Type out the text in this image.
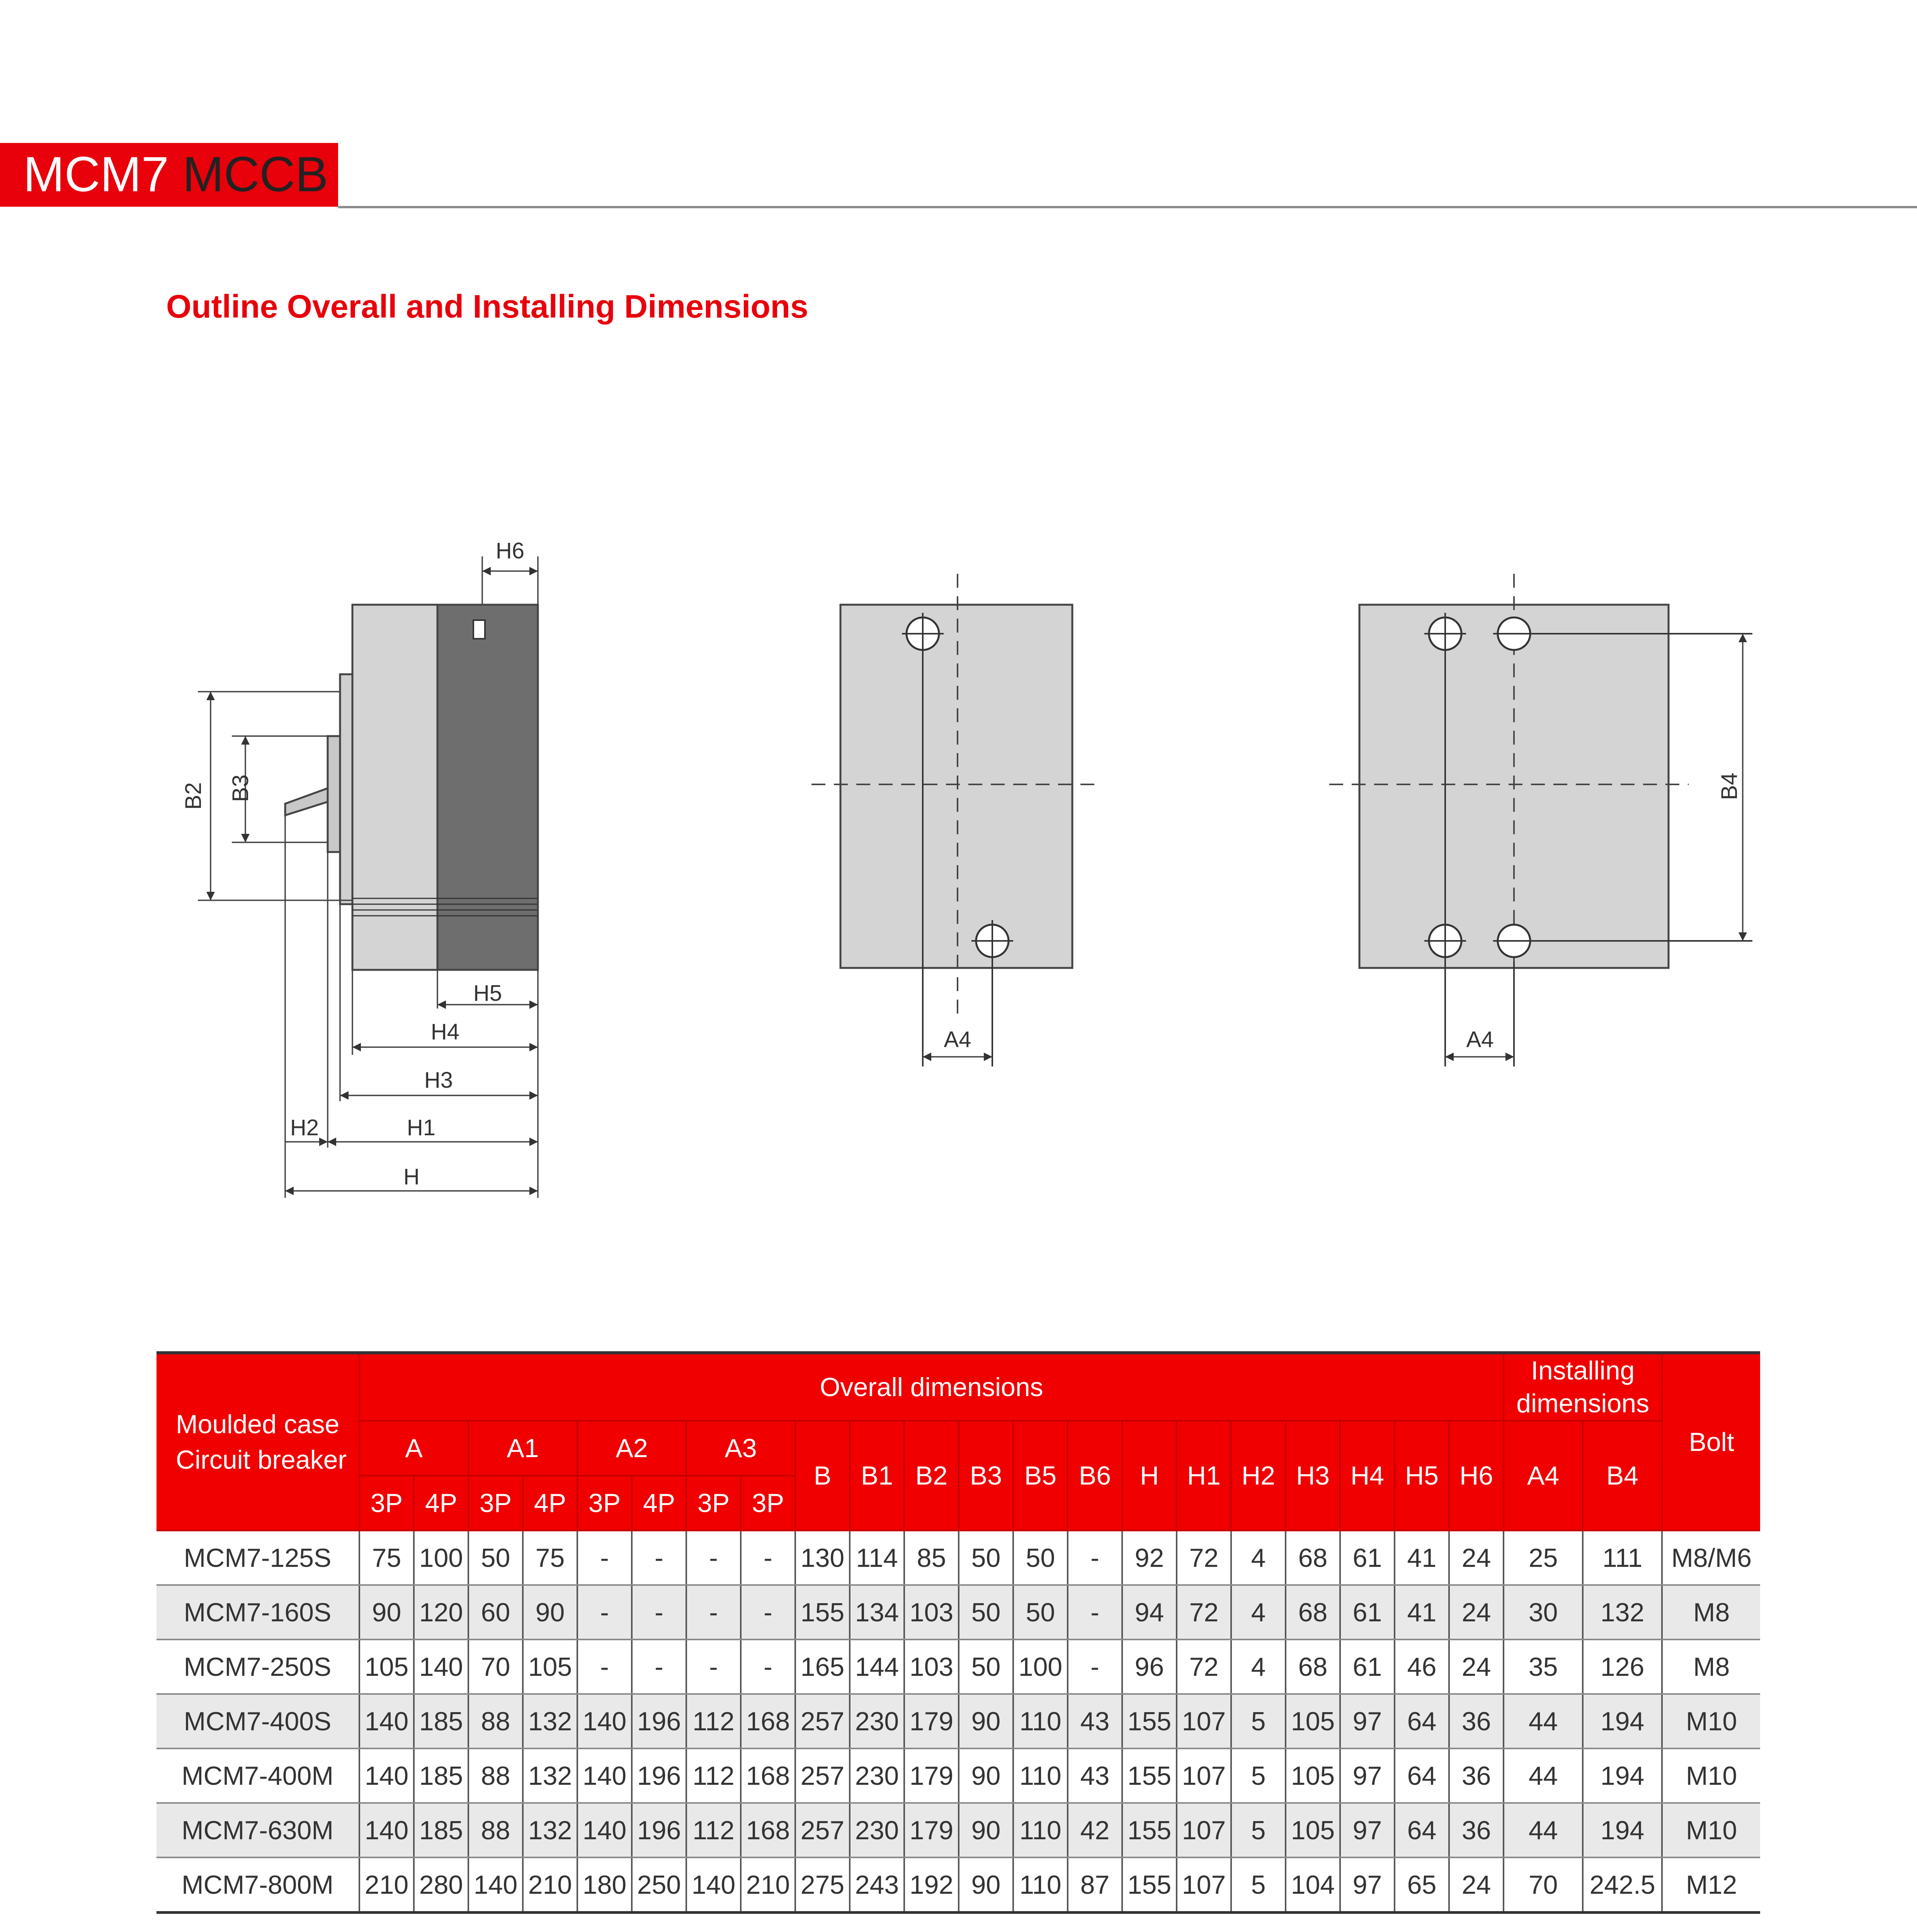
MCM7 MCCB
Outline Overall and Installing Dimensions
H6
B2 B3
H5
H4
H3
H2	H1
H
A4	A4
B4
Moulded case
Circuit breaker	Overall dimensions																					Installing
dimensions		Bolt
	A		A1		A2		A3		B	B1	B2	B3	B5	B6	H	H1	H2	H3	H4	H5	H6	A4	B4	
	3P	4P	3P	4P	3P	4P	3P	3P																
MCM7-125S	75	100	50	75	-	-	-	-	130	114	85	50	50	-	92	72	4	68	61	41	24	25	111	M8/M6
MCM7-160S	90	120	60	90	-	-	-	-	155	134	103	50	50	-	94	72	4	68	61	41	24	30	132	M8
MCM7-250S	105	140	70	105	-	-	-	-	165	144	103	50	100	-	96	72	4	68	61	46	24	35	126	M8
MCM7-400S	140	185	88	132	140	196	112	168	257	230	179	90	110	43	155	107	5	105	97	64	36	44	194	M10
MCM7-400M	140	185	88	132	140	196	112	168	257	230	179	90	110	43	155	107	5	105	97	64	36	44	194	M10
MCM7-630M	140	185	88	132	140	196	112	168	257	230	179	90	110	42	155	107	5	105	97	64	36	44	194	M10
MCM7-800M	210	280	140	210	180	250	140	210	275	243	192	90	110	87	155	107	5	104	97	65	24	70	242.5	M12
